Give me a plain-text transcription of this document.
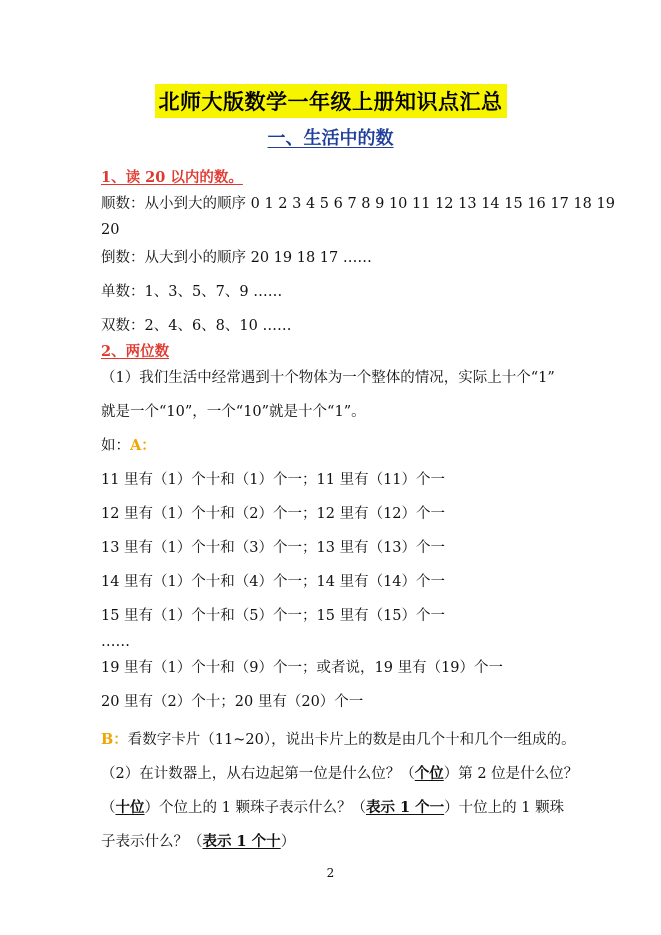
北师大版数学一年级上册知识点汇总
一、生活中的数
1、读 20 以内的数。
顺数：从小到大的顺序 0 1 2 3 4 5 6 7 8 9 10 11 12 13 14 15 16 17 18 19
20
倒数：从大到小的顺序 20 19 18 17 ……
单数：1、3、5、7、9 ……
双数：2、4、6、8、10 ……
2、两位数
（1）我们生活中经常遇到十个物体为一个整体的情况，实际上十个“1”
就是一个“10”，一个“10”就是十个“1”。
如：A：
11 里有（1）个十和（1）个一；11 里有（11）个一
12 里有（1）个十和（2）个一；12 里有（12）个一
13 里有（1）个十和（3）个一；13 里有（13）个一
14 里有（1）个十和（4）个一；14 里有（14）个一
15 里有（1）个十和（5）个一；15 里有（15）个一
……
19 里有（1）个十和（9）个一；或者说，19 里有（19）个一
20 里有（2）个十；20 里有（20）个一
B：看数字卡片（11~20），说出卡片上的数是由几个十和几个一组成的。
（2）在计数器上，从右边起第一位是什么位？（个位）第 2 位是什么位？
（十位）个位上的 1 颗珠子表示什么？（表示 1 个一）十位上的 1 颗珠
子表示什么？（表示 1 个十）
2
